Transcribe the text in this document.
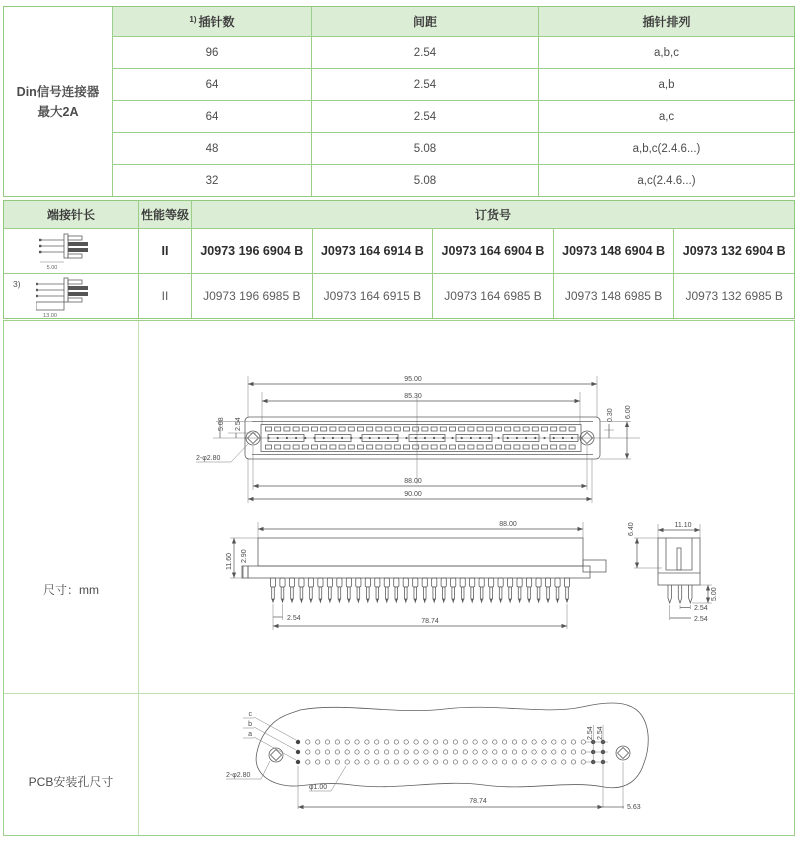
Din信号连接器
最大2A
$^{1)}$ 插针数	间距	插针排列
96	2.54	a,b,c
64	2.54	a,b
64	2.54	a,c
48	5.08	a,b,c(2.4.6...)
32	5.08	a,c(2.4.6...)
端接针长	性能等级	订货号
5.00
II	J0973 196 6904 B	J0973 164 6914 B	J0973 164 6904 B	J0973 148 6904 B	J0973 132 6904 B
3)
13.00
II	J0973 196 6985 B	J0973 164 6915 B	J0973 164 6985 B	J0973 148 6985 B	J0973 132 6985 B
尺寸：mm
PCB安装孔尺寸
95.00
85.30
5.08 2.54
2-φ2.80
0.30 6.00
88.00
90.00
88.00
11.60 2.90
2.54	78.74
11.10
6.40
5.00
2.54
2.54
c
b
a
2-φ2.80
φ1.00
2.54 2.54
78.74
5.63
